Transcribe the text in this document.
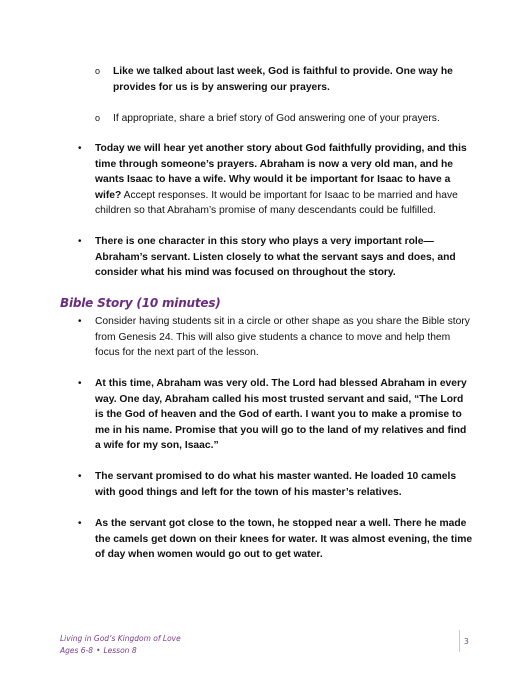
o Like we talked about last week, God is faithful to provide. One way he provides for us is by answering our prayers.
o If appropriate, share a brief story of God answering one of your prayers.
• Today we will hear yet another story about God faithfully providing, and this time through someone’s prayers. Abraham is now a very old man, and he wants Isaac to have a wife. Why would it be important for Isaac to have a wife? Accept responses. It would be important for Isaac to be married and have children so that Abraham’s promise of many descendants could be fulfilled.
• There is one character in this story who plays a very important role—Abraham’s servant. Listen closely to what the servant says and does, and consider what his mind was focused on throughout the story.
Bible Story (10 minutes)
• Consider having students sit in a circle or other shape as you share the Bible story from Genesis 24. This will also give students a chance to move and help them focus for the next part of the lesson.
• At this time, Abraham was very old. The Lord had blessed Abraham in every way. One day, Abraham called his most trusted servant and said, “The Lord is the God of heaven and the God of earth. I want you to make a promise to me in his name. Promise that you will go to the land of my relatives and find a wife for my son, Isaac.”
• The servant promised to do what his master wanted. He loaded 10 camels with good things and left for the town of his master’s relatives.
• As the servant got close to the town, he stopped near a well. There he made the camels get down on their knees for water. It was almost evening, the time of day when women would go out to get water.
Living in God’s Kingdom of Love
Ages 6-8 • Lesson 8
3
